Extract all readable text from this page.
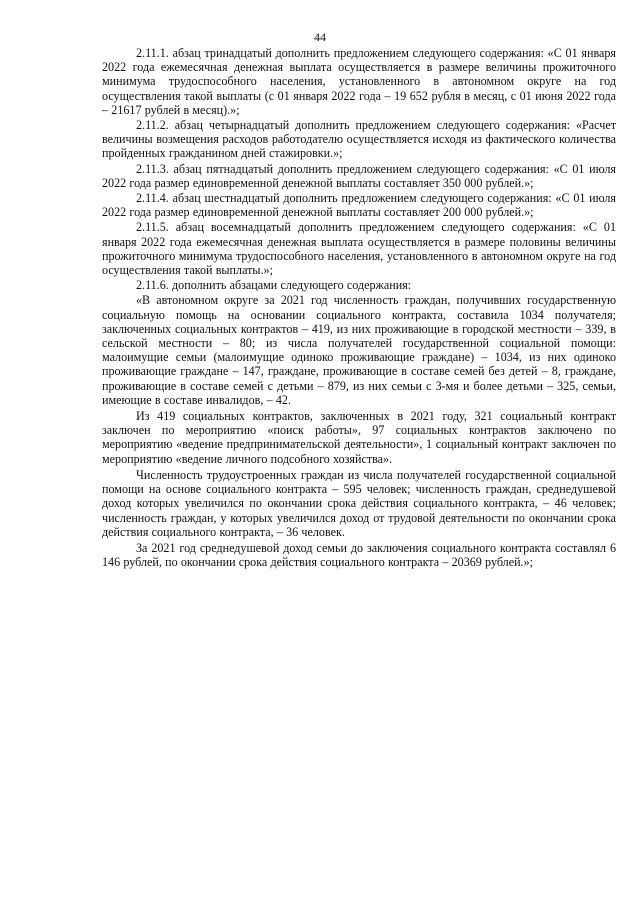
44

2.11.1. абзац тринадцатый дополнить предложением следующего содержания: «С 01 января 2022 года ежемесячная денежная выплата осуществляется в размере величины прожиточного минимума трудоспособного населения, установленного в автономном округе на год осуществления такой выплаты (с 01 января 2022 года – 19 652 рубля в месяц, с 01 июня 2022 года – 21617 рублей в месяц).»;

2.11.2. абзац четырнадцатый дополнить предложением следующего содержания: «Расчет величины возмещения расходов работодателю осуществляется исходя из фактического количества пройденных гражданином дней стажировки.»;

2.11.3. абзац пятнадцатый дополнить предложением следующего содержания: «С 01 июля 2022 года размер единовременной денежной выплаты составляет 350 000 рублей.»;

2.11.4. абзац шестнадцатый дополнить предложением следующего содержания: «С 01 июля 2022 года размер единовременной денежной выплаты составляет 200 000 рублей.»;

2.11.5. абзац восемнадцатый дополнить предложением следующего содержания: «С 01 января 2022 года ежемесячная денежная выплата осуществляется в размере половины величины прожиточного минимума трудоспособного населения, установленного в автономном округе на год осуществления такой выплаты.»;

2.11.6. дополнить абзацами следующего содержания:

«В автономном округе за 2021 год численность граждан, получивших государственную социальную помощь на основании социального контракта, составила 1034 получателя; заключенных социальных контрактов – 419, из них проживающие в городской местности – 339, в сельской местности – 80; из числа получателей государственной социальной помощи: малоимущие семьи (малоимущие одиноко проживающие граждане) – 1034, из них одиноко проживающие граждане – 147, граждане, проживающие в составе семей без детей – 8, граждане, проживающие в составе семей с детьми – 879, из них семьи с 3-мя и более детьми – 325, семьи, имеющие в составе инвалидов, – 42.

Из 419 социальных контрактов, заключенных в 2021 году, 321 социальный контракт заключен по мероприятию «поиск работы», 97 социальных контрактов заключено по мероприятию «ведение предпринимательской деятельности», 1 социальный контракт заключен по мероприятию «ведение личного подсобного хозяйства».

Численность трудоустроенных граждан из числа получателей государственной социальной помощи на основе социального контракта – 595 человек; численность граждан, среднедушевой доход которых увеличился по окончании срока действия социального контракта, – 46 человек; численность граждан, у которых увеличился доход от трудовой деятельности по окончании срока действия социального контракта, – 36 человек.

За 2021 год среднедушевой доход семьи до заключения социального контракта составлял 6 146 рублей, по окончании срока действия социального контракта – 20369 рублей.»;
